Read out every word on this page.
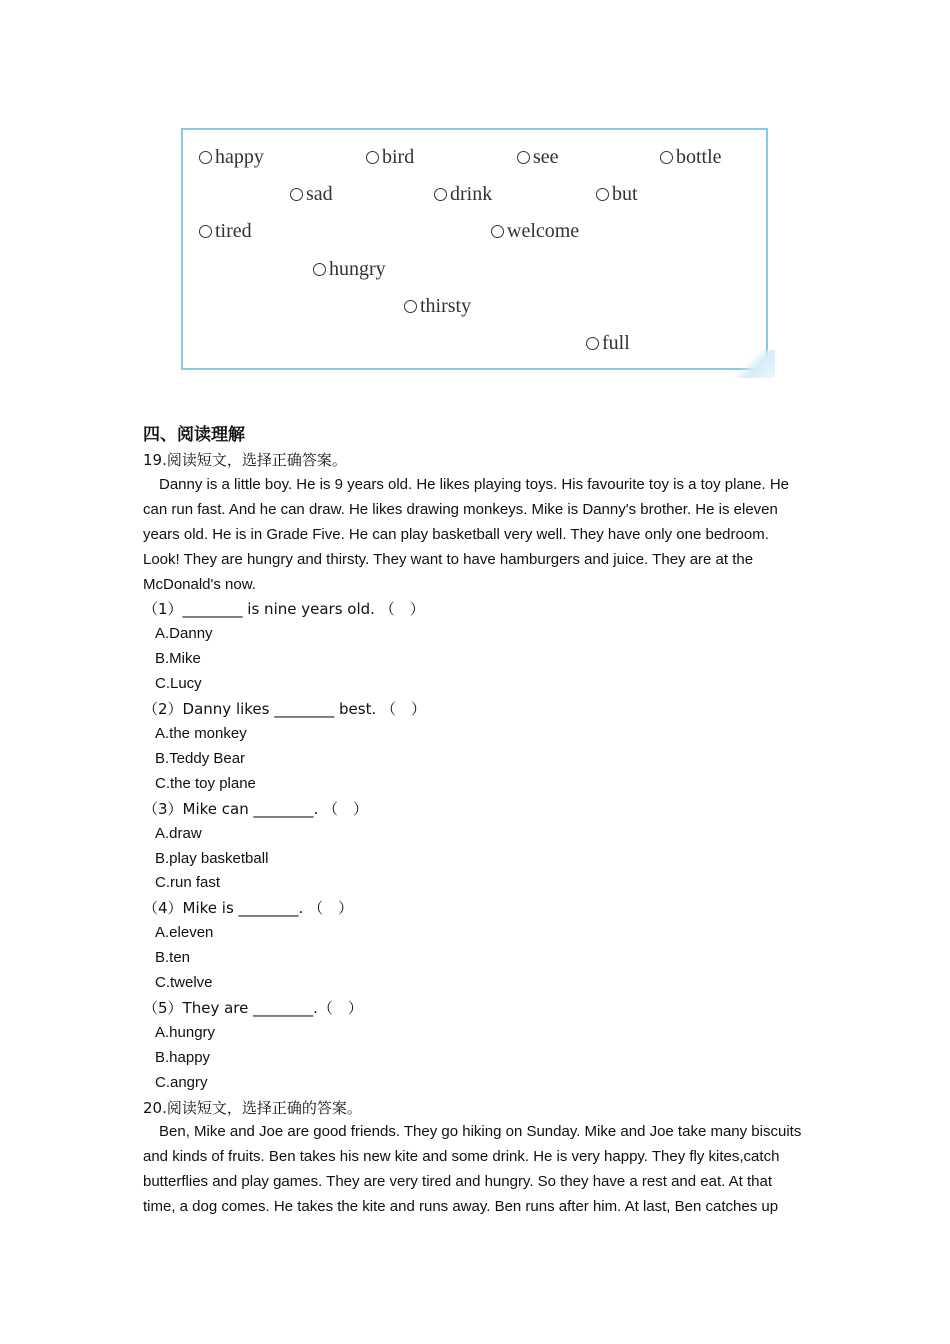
happy	bird	see	bottle
sad	drink	but
tired	welcome
hungry
thirsty
full

四、阅读理解

19.阅读短文，选择正确答案。

Danny is a little boy. He is 9 years old. He likes playing toys. His favourite toy is a toy plane. He can run fast. And he can draw. He likes drawing monkeys. Mike is Danny's brother. He is eleven years old. He is in Grade Five. He can play basketball very well. They have only one bedroom. Look! They are hungry and thirsty. They want to have hamburgers and juice. They are at the McDonald's now.

（1）________ is nine years old. （　）

A.Danny

B.Mike

C.Lucy

（2）Danny likes ________ best. （　）

A.the monkey

B.Teddy Bear

C.the toy plane

（3）Mike can ________. （　）

A.draw

B.play basketball

C.run fast

（4）Mike is ________. （　）

A.eleven

B.ten

C.twelve

（5）They are ________.（　）

A.hungry

B.happy

C.angry

20.阅读短文，选择正确的答案。

Ben, Mike and Joe are good friends. They go hiking on Sunday. Mike and Joe take many biscuits and kinds of fruits. Ben takes his new kite and some drink. He is very happy. They fly kites,catch butterflies and play games. They are very tired and hungry. So they have a rest and eat. At that time, a dog comes. He takes the kite and runs away. Ben runs after him. At last, Ben catches up
